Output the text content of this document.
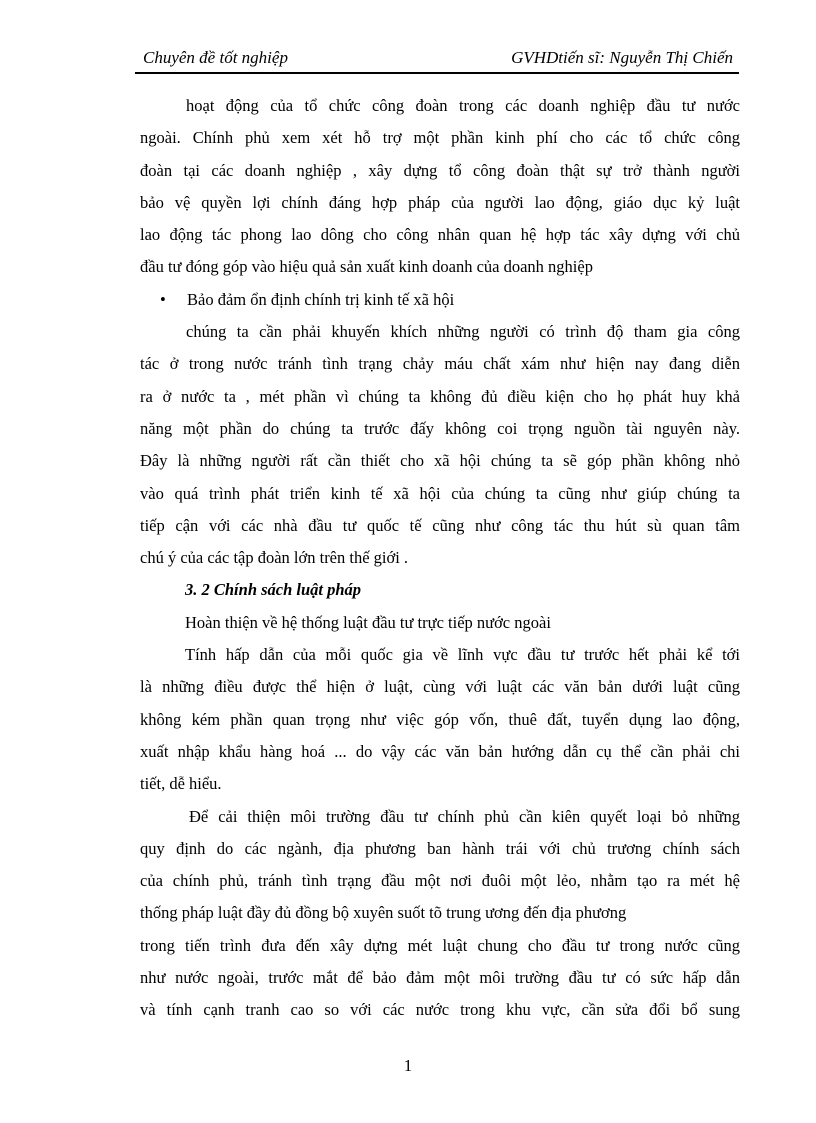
Chuyên đề tốt nghiệp	GVHDtiến sĩ: Nguyễn Thị Chiến
hoạt động của tổ chức công đoàn trong các doanh nghiệp đầu tư nước
ngoài. Chính phủ xem xét hỗ trợ một phần kinh phí cho các tổ chức công
đoàn tại các doanh nghiệp , xây dựng tổ công đoàn thật sự trở thành người
bảo vệ quyền lợi chính đáng hợp pháp của người lao động, giáo dục kỷ luật
lao động tác phong lao dông cho công nhân quan hệ hợp tác xây dựng với chủ
đầu tư đóng góp vào hiệu quả sản xuất kinh doanh của doanh nghiệp
• Bảo đảm ổn định chính trị kinh tế xã hội
chúng ta cần phải khuyến khích những người có trình độ tham gia công
tác ở trong nước tránh tình trạng chảy máu chất xám như hiện nay đang diễn
ra ở nước ta , mét phần vì chúng ta không đủ điều kiện cho họ phát huy khả
năng một phần do chúng ta trước đấy không coi trọng nguồn tài nguyên này.
Đây là những người rất cần thiết cho xã hội chúng ta sẽ góp phần không nhỏ
vào quá trình phát triển kinh tế xã hội của chúng ta cũng như giúp chúng ta
tiếp cận với các nhà đầu tư quốc tế cũng như công tác thu hút sù quan tâm
chú ý của các tập đoàn lớn trên thế giới .
3. 2 Chính sách luật pháp
Hoàn thiện về hệ thống luật đầu tư trực tiếp nước ngoài
Tính hấp dẫn của mỗi quốc gia về lĩnh vực đầu tư trước hết phải kể tới
là những điều được thể hiện ở luật, cùng với luật các văn bản dưới luật cũng
không kém phần quan trọng như việc góp vốn, thuê đất, tuyển dụng lao động,
xuất nhập khẩu hàng hoá ... do vậy các văn bản hướng dẫn cụ thể cần phải chi
tiết, dễ hiểu.
Để cải thiện môi trường đầu tư chính phủ cần kiên quyết loại bỏ những
quy định do các ngành, địa phương ban hành trái với chủ trương chính sách
của chính phủ, tránh tình trạng đầu một nơi đuôi một lẻo, nhằm tạo ra mét hệ
thống pháp luật đầy đủ đồng bộ xuyên suốt tõ trung ương đến địa phương
trong tiến trình đưa đến xây dựng mét luật chung cho đầu tư trong nước cũng
như nước ngoài, trước mắt để bảo đảm một môi trường đầu tư có sức hấp dẫn
và tính cạnh tranh cao so với các nước trong khu vực, cần sửa đổi bổ sung
1
